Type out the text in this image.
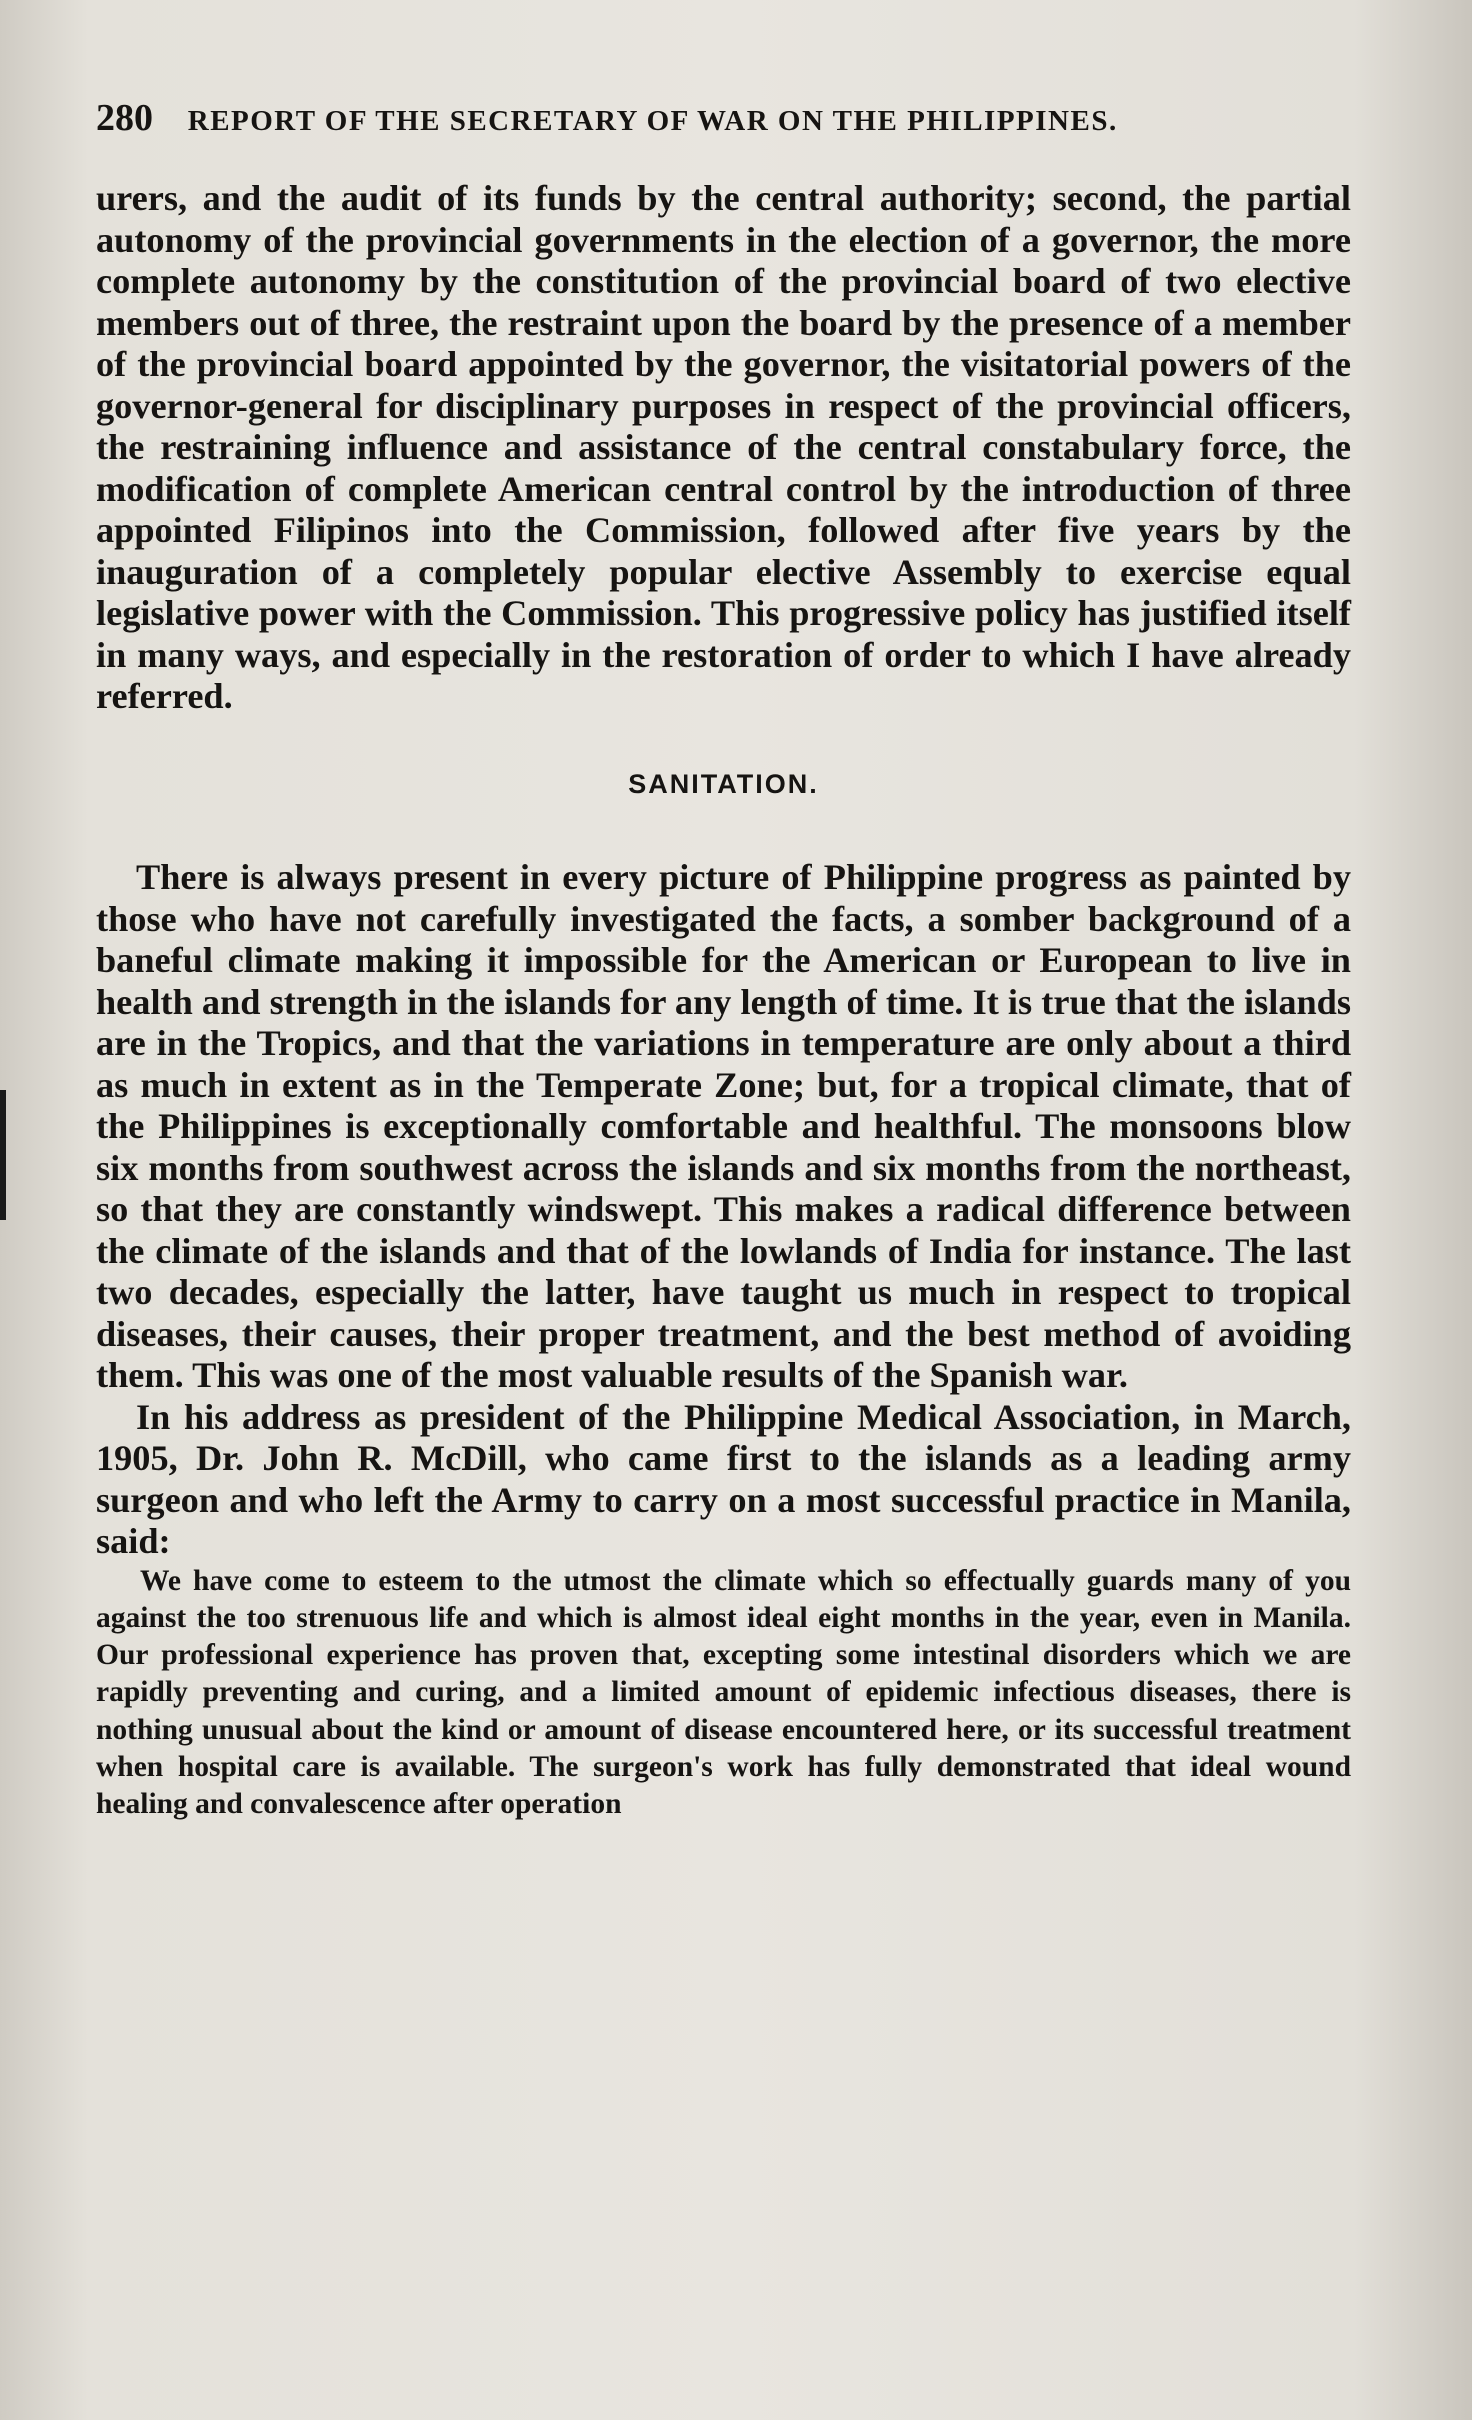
280 REPORT OF THE SECRETARY OF WAR ON THE PHILIPPINES.

urers, and the audit of its funds by the central authority; second, the partial autonomy of the provincial governments in the election of a governor, the more complete autonomy by the constitution of the provincial board of two elective members out of three, the restraint upon the board by the presence of a member of the provincial board appointed by the governor, the visitatorial powers of the governor-general for disciplinary purposes in respect of the provincial officers, the restraining influence and assistance of the central constabulary force, the modification of complete American central control by the introduction of three appointed Filipinos into the Commission, followed after five years by the inauguration of a completely popular elective Assembly to exercise equal legislative power with the Commission. This progressive policy has justified itself in many ways, and especially in the restoration of order to which I have already referred.

SANITATION.

There is always present in every picture of Philippine progress as painted by those who have not carefully investigated the facts, a somber background of a baneful climate making it impossible for the American or European to live in health and strength in the islands for any length of time. It is true that the islands are in the Tropics, and that the variations in temperature are only about a third as much in extent as in the Temperate Zone; but, for a tropical climate, that of the Philippines is exceptionally comfortable and healthful. The monsoons blow six months from southwest across the islands and six months from the northeast, so that they are constantly windswept. This makes a radical difference between the climate of the islands and that of the lowlands of India for instance. The last two decades, especially the latter, have taught us much in respect to tropical diseases, their causes, their proper treatment, and the best method of avoiding them. This was one of the most valuable results of the Spanish war.

In his address as president of the Philippine Medical Association, in March, 1905, Dr. John R. McDill, who came first to the islands as a leading army surgeon and who left the Army to carry on a most successful practice in Manila, said:

We have come to esteem to the utmost the climate which so effectually guards many of you against the too strenuous life and which is almost ideal eight months in the year, even in Manila. Our professional experience has proven that, excepting some intestinal disorders which we are rapidly preventing and curing, and a limited amount of epidemic infectious diseases, there is nothing unusual about the kind or amount of disease encountered here, or its successful treatment when hospital care is available. The surgeon's work has fully demonstrated that ideal wound healing and convalescence after operation
